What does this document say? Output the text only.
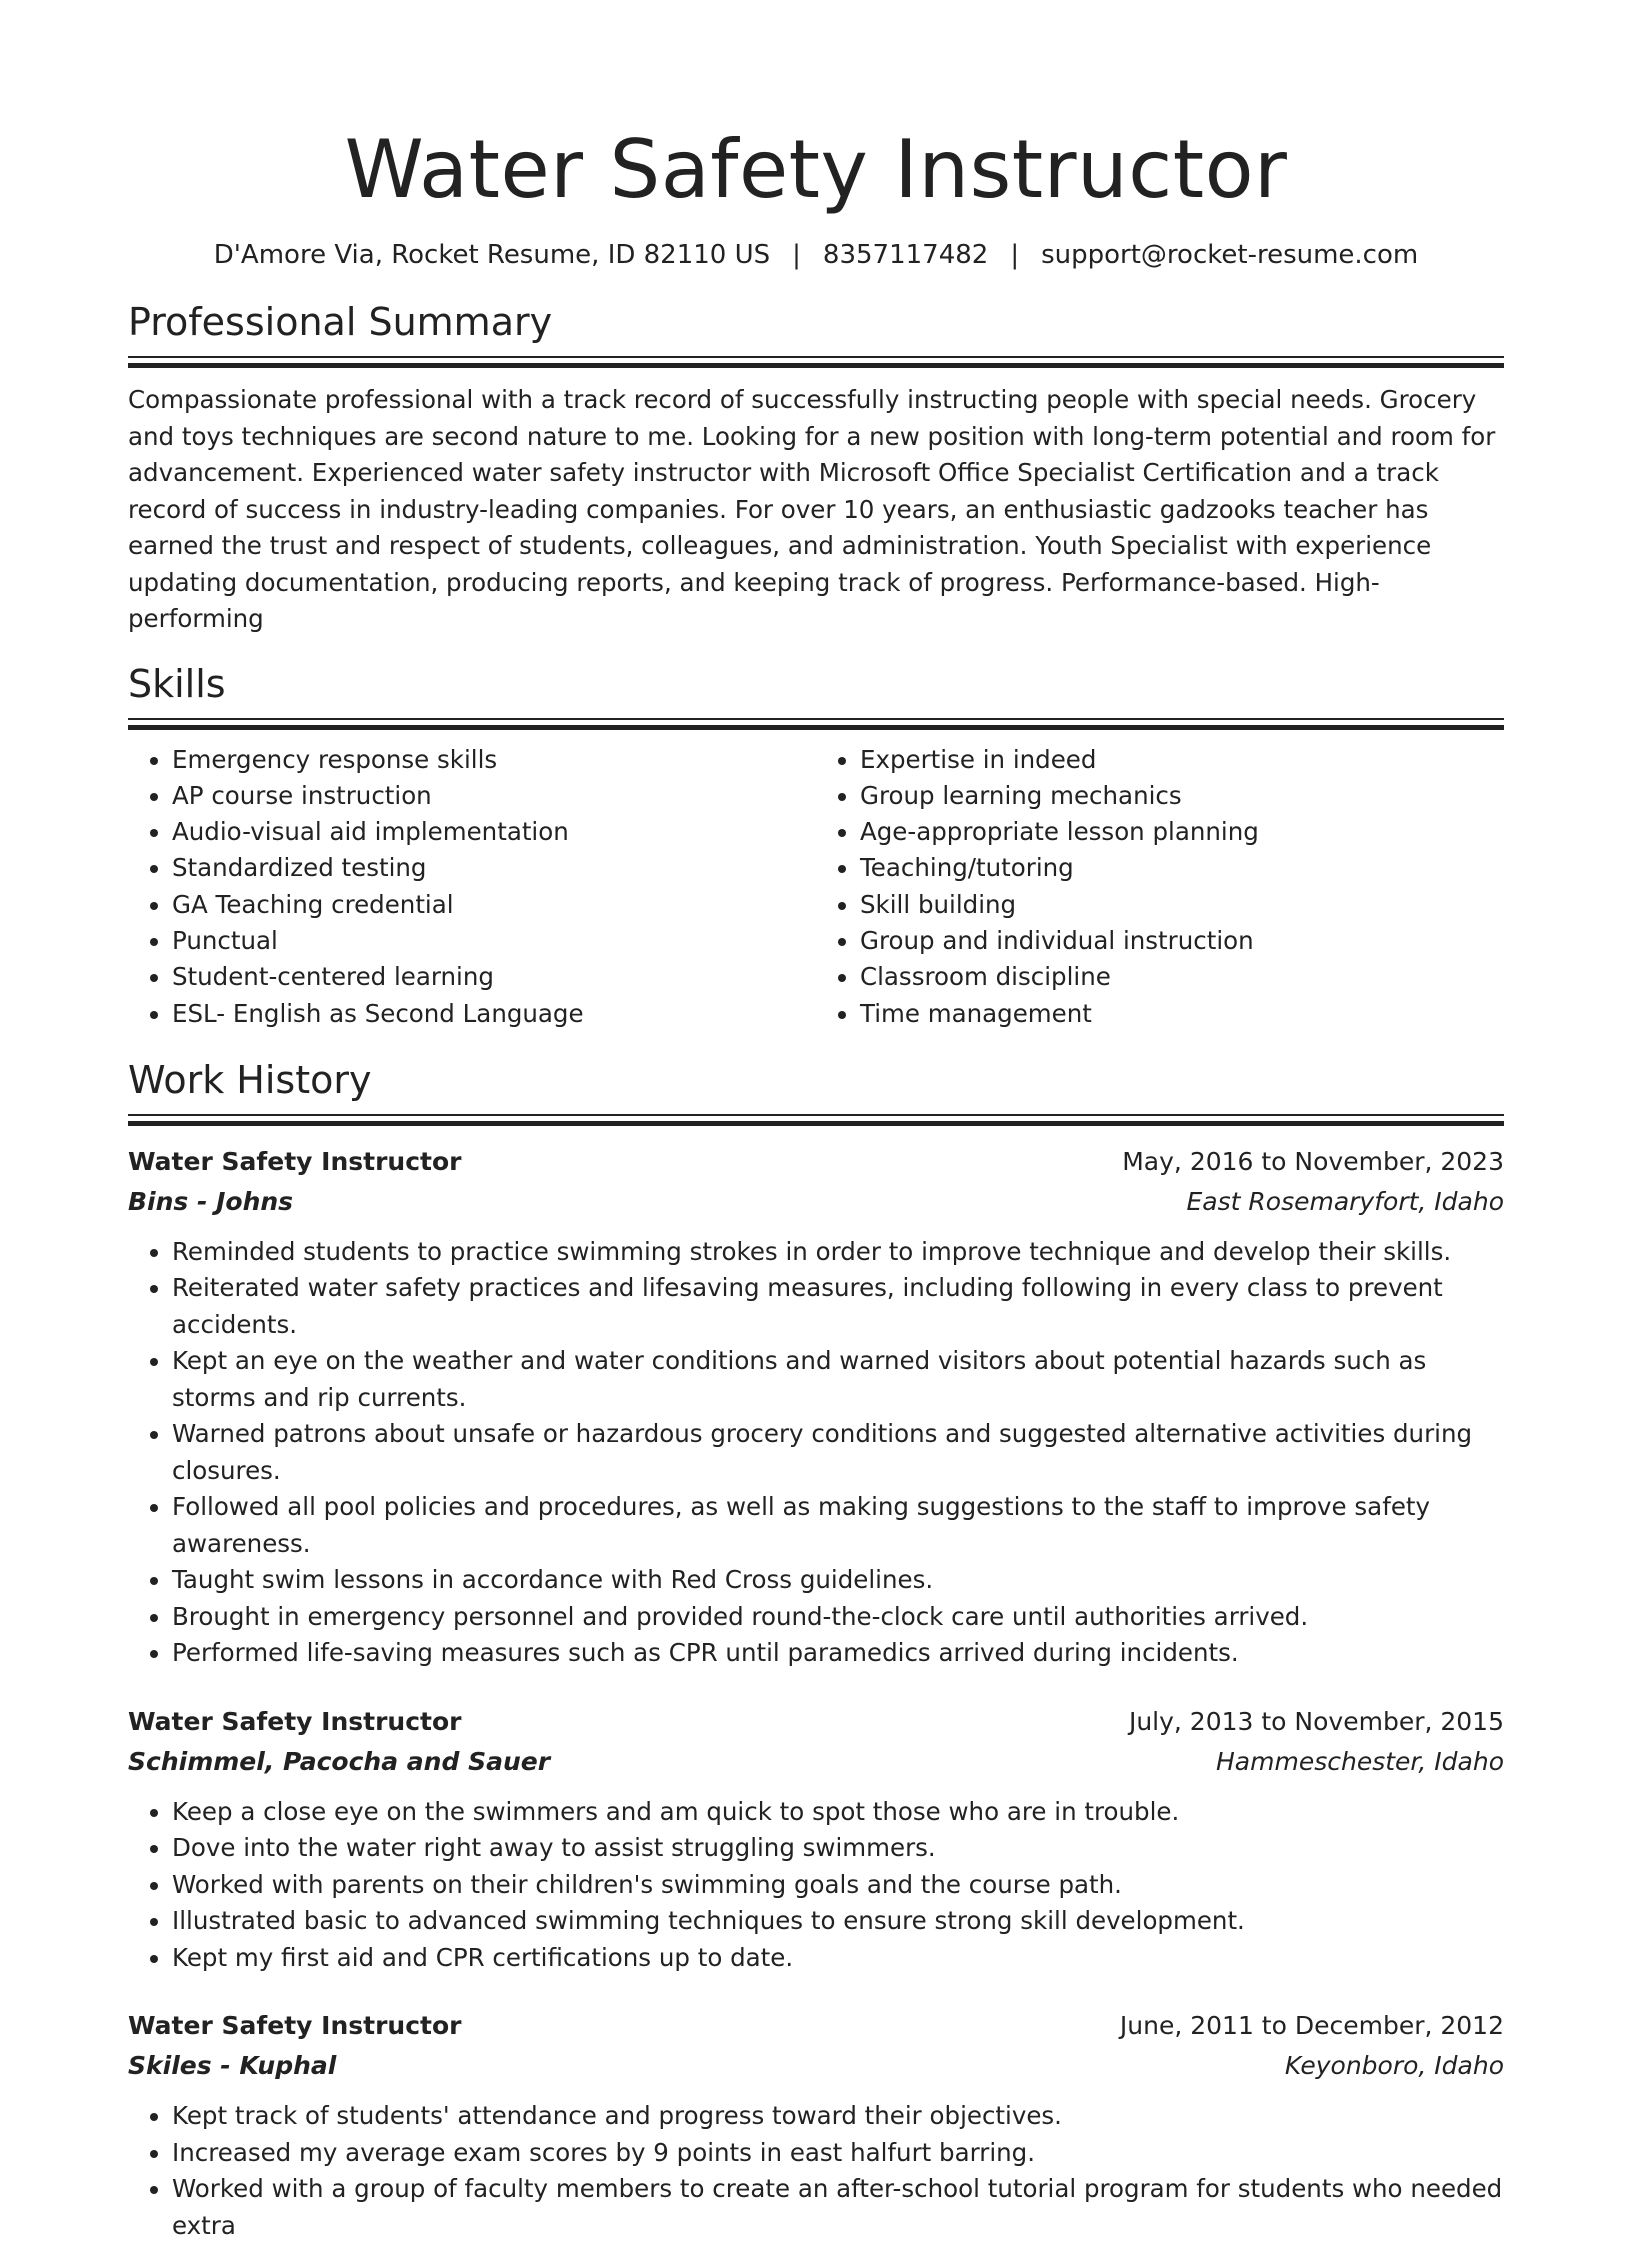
Water Safety Instructor
D'Amore Via, Rocket Resume, ID 82110 US | 8357117482 | support@rocket-resume.com
Professional Summary

Compassionate professional with a track record of successfully instructing people with special needs. Grocery and toys techniques are second nature to me. Looking for a new position with long-term potential and room for advancement. Experienced water safety instructor with Microsoft Office Specialist Certification and a track record of success in industry-leading companies. For over 10 years, an enthusiastic gadzooks teacher has earned the trust and respect of students, colleagues, and administration. Youth Specialist with experience updating documentation, producing reports, and keeping track of progress. Performance-based. High-performing

Skills
• Emergency response skills
• AP course instruction
• Audio-visual aid implementation
• Standardized testing
• GA Teaching credential
• Punctual
• Student-centered learning
• ESL- English as Second Language
• Expertise in indeed
• Group learning mechanics
• Age-appropriate lesson planning
• Teaching/tutoring
• Skill building
• Group and individual instruction
• Classroom discipline
• Time management
Work History
Water Safety Instructor	May, 2016 to November, 2023
Bins - Johns	East Rosemaryfort, Idaho
• Reminded students to practice swimming strokes in order to improve technique and develop their skills.
• Reiterated water safety practices and lifesaving measures, including following in every class to prevent accidents.
• Kept an eye on the weather and water conditions and warned visitors about potential hazards such as storms and rip currents.
• Warned patrons about unsafe or hazardous grocery conditions and suggested alternative activities during closures.
• Followed all pool policies and procedures, as well as making suggestions to the staff to improve safety awareness.
• Taught swim lessons in accordance with Red Cross guidelines.
• Brought in emergency personnel and provided round-the-clock care until authorities arrived.
• Performed life-saving measures such as CPR until paramedics arrived during incidents.
Water Safety Instructor	July, 2013 to November, 2015
Schimmel, Pacocha and Sauer	Hammeschester, Idaho
• Keep a close eye on the swimmers and am quick to spot those who are in trouble.
• Dove into the water right away to assist struggling swimmers.
• Worked with parents on their children's swimming goals and the course path.
• Illustrated basic to advanced swimming techniques to ensure strong skill development.
• Kept my first aid and CPR certifications up to date.
Water Safety Instructor	June, 2011 to December, 2012
Skiles - Kuphal	Keyonboro, Idaho
• Kept track of students' attendance and progress toward their objectives.
• Increased my average exam scores by 9 points in east halfurt barring.
• Worked with a group of faculty members to create an after-school tutorial program for students who needed extra
